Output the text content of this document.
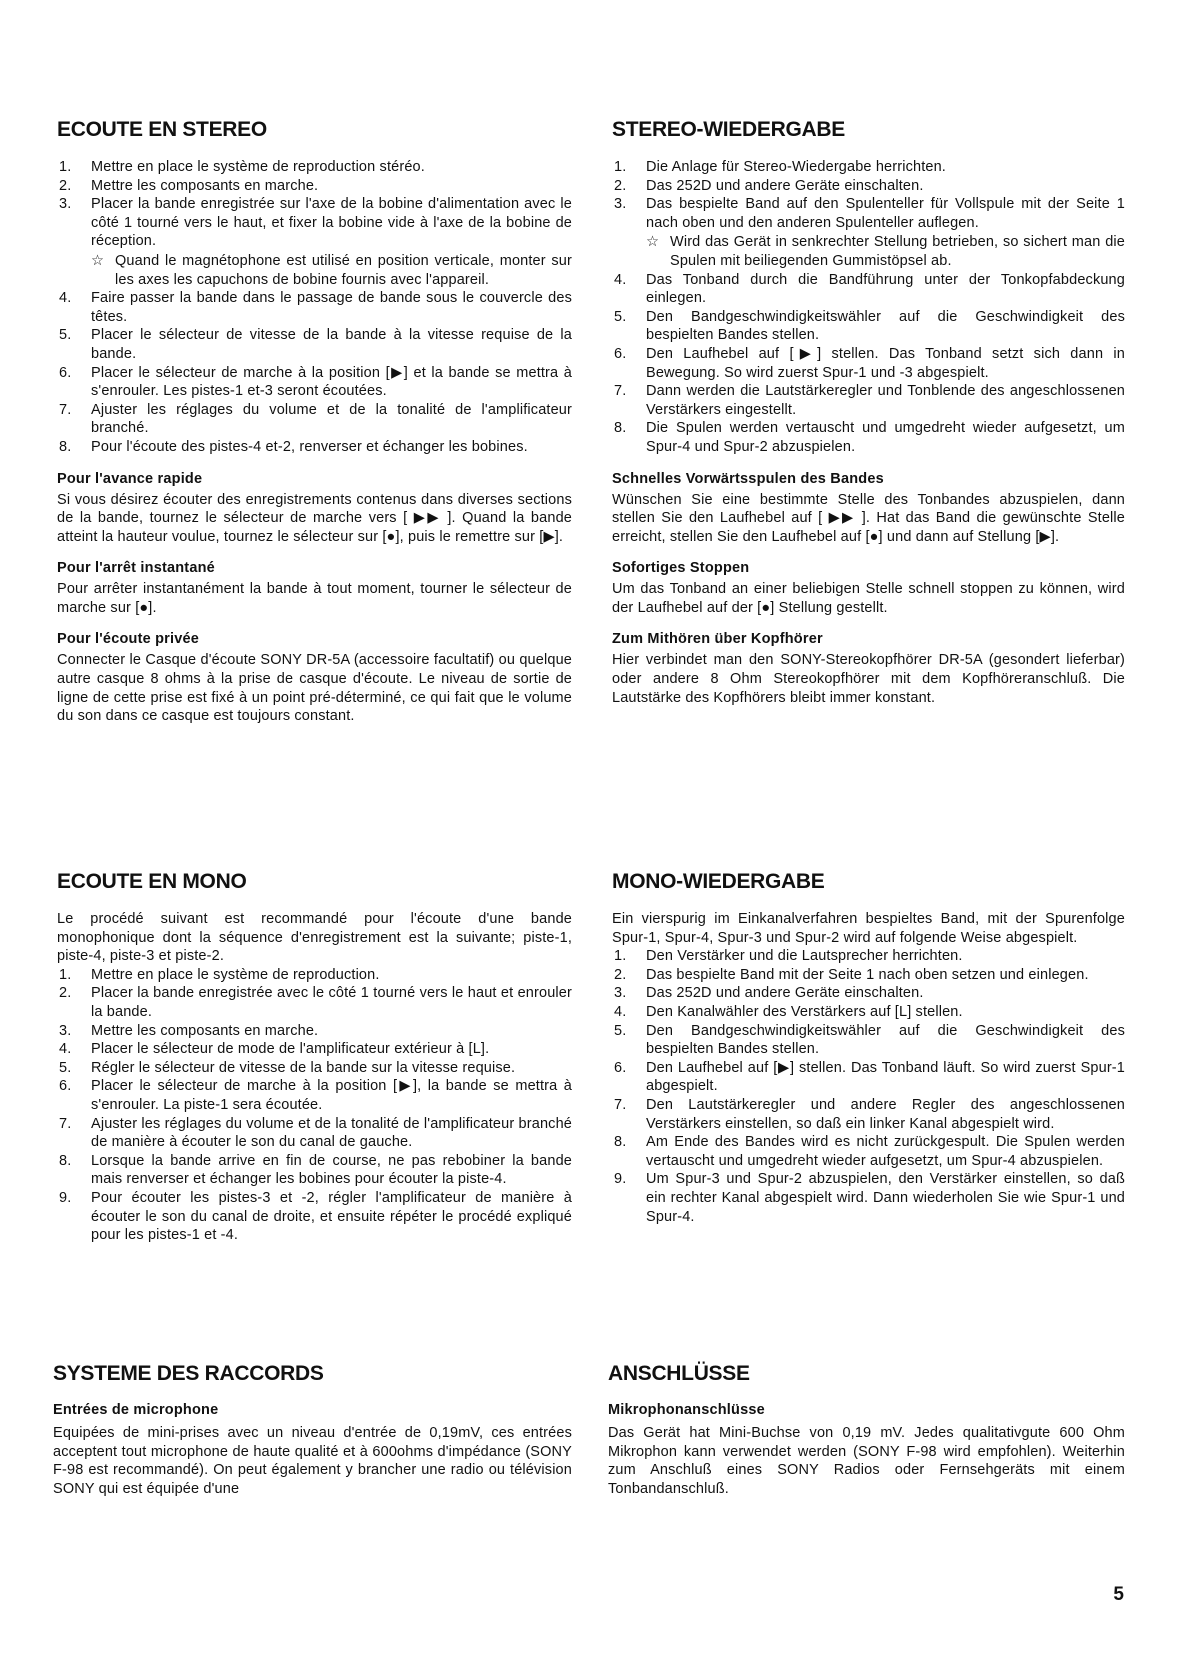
ECOUTE EN STEREO
1. Mettre en place le système de reproduction stéréo.
2. Mettre les composants en marche.
3. Placer la bande enregistrée sur l'axe de la bobine d'alimentation avec le côté 1 tourné vers le haut, et fixer la bobine vide à l'axe de la bobine de réception.
☆ Quand le magnétophone est utilisé en position verticale, monter sur les axes les capuchons de bobine fournis avec l'appareil.
4. Faire passer la bande dans le passage de bande sous le couvercle des têtes.
5. Placer le sélecteur de vitesse de la bande à la vitesse requise de la bande.
6. Placer le sélecteur de marche à la position [▶] et la bande se mettra à s'enrouler. Les pistes-1 et-3 seront écoutées.
7. Ajuster les réglages du volume et de la tonalité de l'amplificateur branché.
8. Pour l'écoute des pistes-4 et-2, renverser et échanger les bobines.
Pour l'avance rapide

Si vous désirez écouter des enregistrements contenus dans diverses sections de la bande, tournez le sélecteur de marche vers [ ▶▶ ]. Quand la bande atteint la hauteur voulue, tournez le sélecteur sur [●], puis le remettre sur [▶].

Pour l'arrêt instantané

Pour arrêter instantanément la bande à tout moment, tourner le sélecteur de marche sur [●].

Pour l'écoute privée

Connecter le Casque d'écoute SONY DR-5A (accessoire facultatif) ou quelque autre casque 8 ohms à la prise de casque d'écoute. Le niveau de sortie de ligne de cette prise est fixé à un point pré-déterminé, ce qui fait que le volume du son dans ce casque est toujours constant.

STEREO-WIEDERGABE
1. Die Anlage für Stereo-Wiedergabe herrichten.
2. Das 252D und andere Geräte einschalten.
3. Das bespielte Band auf den Spulenteller für Vollspule mit der Seite 1 nach oben und den anderen Spulenteller auflegen.
☆ Wird das Gerät in senkrechter Stellung betrieben, so sichert man die Spulen mit beiliegenden Gummistöpsel ab.
4. Das Tonband durch die Bandführung unter der Tonkopfabdeckung einlegen.
5. Den Bandgeschwindigkeitswähler auf die Geschwindigkeit des bespielten Bandes stellen.
6. Den Laufhebel auf [▶] stellen. Das Tonband setzt sich dann in Bewegung. So wird zuerst Spur-1 und -3 abgespielt.
7. Dann werden die Lautstärkeregler und Tonblende des angeschlossenen Verstärkers eingestellt.
8. Die Spulen werden vertauscht und umgedreht wieder aufgesetzt, um Spur-4 und Spur-2 abzuspielen.
Schnelles Vorwärtsspulen des Bandes

Wünschen Sie eine bestimmte Stelle des Tonbandes abzuspielen, dann stellen Sie den Laufhebel auf [ ▶▶ ]. Hat das Band die gewünschte Stelle erreicht, stellen Sie den Laufhebel auf [●] und dann auf Stellung [▶].

Sofortiges Stoppen

Um das Tonband an einer beliebigen Stelle schnell stoppen zu können, wird der Laufhebel auf der [●] Stellung gestellt.

Zum Mithören über Kopfhörer

Hier verbindet man den SONY-Stereokopfhörer DR-5A (gesondert lieferbar) oder andere 8 Ohm Stereokopfhörer mit dem Kopfhöreranschluß. Die Lautstärke des Kopfhörers bleibt immer konstant.

ECOUTE EN MONO

Le procédé suivant est recommandé pour l'écoute d'une bande monophonique dont la séquence d'enregistrement est la suivante; piste-1, piste-4, piste-3 et piste-2.

1. Mettre en place le système de reproduction.
2. Placer la bande enregistrée avec le côté 1 tourné vers le haut et enrouler la bande.
3. Mettre les composants en marche.
4. Placer le sélecteur de mode de l'amplificateur extérieur à [L].
5. Régler le sélecteur de vitesse de la bande sur la vitesse requise.
6. Placer le sélecteur de marche à la position [▶], la bande se mettra à s'enrouler. La piste-1 sera écoutée.
7. Ajuster les réglages du volume et de la tonalité de l'amplificateur branché de manière à écouter le son du canal de gauche.
8. Lorsque la bande arrive en fin de course, ne pas rebobiner la bande mais renverser et échanger les bobines pour écouter la piste-4.
9. Pour écouter les pistes-3 et -2, régler l'amplificateur de manière à écouter le son du canal de droite, et ensuite répéter le procédé expliqué pour les pistes-1 et -4.
MONO-WIEDERGABE

Ein vierspurig im Einkanalverfahren bespieltes Band, mit der Spurenfolge Spur-1, Spur-4, Spur-3 und Spur-2 wird auf folgende Weise abgespielt.

1. Den Verstärker und die Lautsprecher herrichten.
2. Das bespielte Band mit der Seite 1 nach oben setzen und einlegen.
3. Das 252D und andere Geräte einschalten.
4. Den Kanalwähler des Verstärkers auf [L] stellen.
5. Den Bandgeschwindigkeitswähler auf die Geschwindigkeit des bespielten Bandes stellen.
6. Den Laufhebel auf [▶] stellen. Das Tonband läuft. So wird zuerst Spur-1 abgespielt.
7. Den Lautstärkeregler und andere Regler des angeschlossenen Verstärkers einstellen, so daß ein linker Kanal abgespielt wird.
8. Am Ende des Bandes wird es nicht zurückgespult. Die Spulen werden vertauscht und umgedreht wieder aufgesetzt, um Spur-4 abzuspielen.
9. Um Spur-3 und Spur-2 abzuspielen, den Verstärker einstellen, so daß ein rechter Kanal abgespielt wird. Dann wiederholen Sie wie Spur-1 und Spur-4.
SYSTEME DES RACCORDS
Entrées de microphone

Equipées de mini-prises avec un niveau d'entrée de 0,19mV, ces entrées acceptent tout microphone de haute qualité et à 600ohms d'impédance (SONY F-98 est recommandé). On peut également y brancher une radio ou télévision SONY qui est équipée d'une

ANSCHLÜSSE
Mikrophonanschlüsse

Das Gerät hat Mini-Buchse von 0,19 mV. Jedes qualitativgute 600 Ohm Mikrophon kann verwendet werden (SONY F-98 wird empfohlen). Weiterhin zum Anschluß eines SONY Radios oder Fernsehgeräts mit einem Tonbandanschluß.

5
